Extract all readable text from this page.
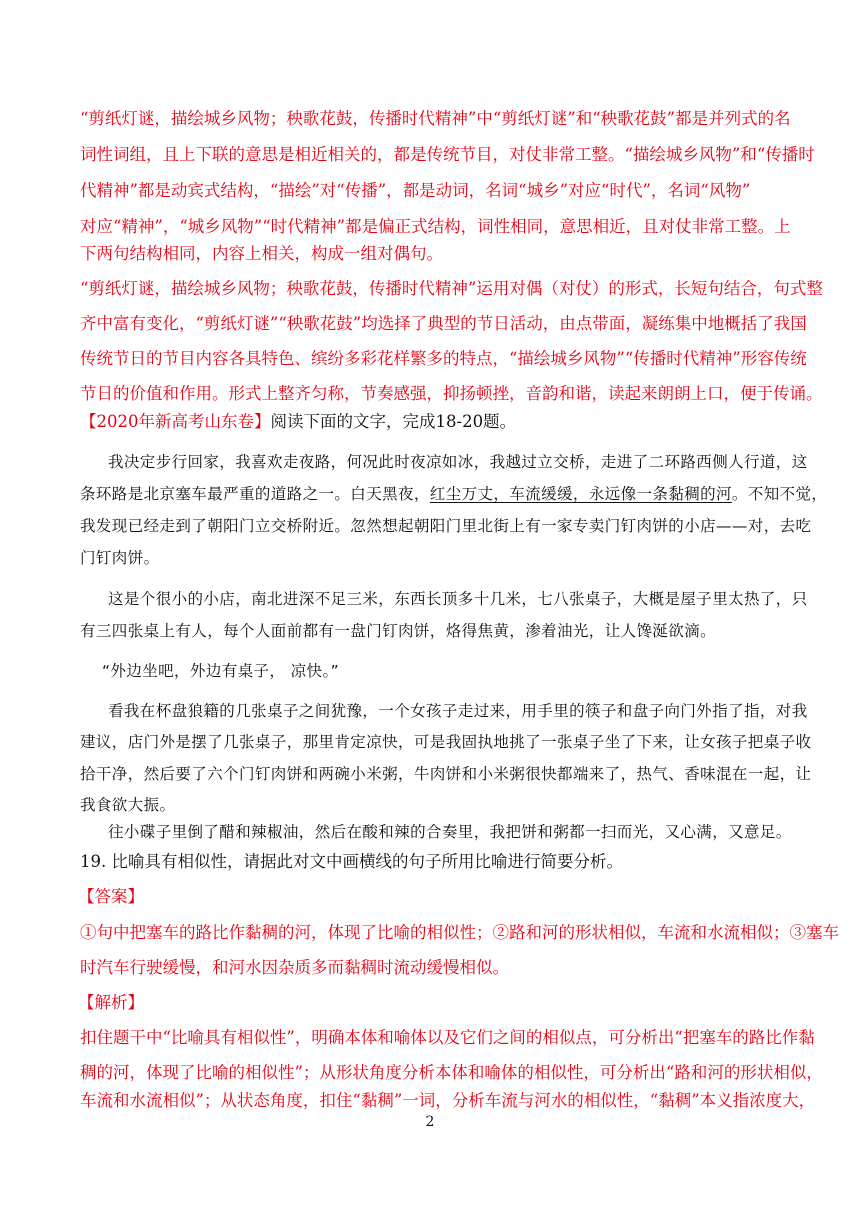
“剪纸灯谜，描绘城乡风物；秧歌花鼓，传播时代精神”中“剪纸灯谜”和“秧歌花鼓”都是并列式的名
词性词组，且上下联的意思是相近相关的，都是传统节目，对仗非常工整。“描绘城乡风物”和“传播时
代精神”都是动宾式结构，“描绘”对“传播”，都是动词，名词“城乡”对应“时代”，名词“风物”
对应“精神”，“城乡风物”“时代精神”都是偏正式结构，词性相同，意思相近，且对仗非常工整。上
下两句结构相同，内容上相关，构成一组对偶句。
“剪纸灯谜，描绘城乡风物；秧歌花鼓，传播时代精神”运用对偶（对仗）的形式，长短句结合，句式整
齐中富有变化，“剪纸灯谜”“秧歌花鼓”均选择了典型的节日活动，由点带面，凝练集中地概括了我国
传统节日的节目内容各具特色、缤纷多彩花样繁多的特点，“描绘城乡风物”“传播时代精神”形容传统
节日的价值和作用。形式上整齐匀称，节奏感强，抑扬顿挫，音韵和谐，读起来朗朗上口，便于传诵。
【2020年新高考山东卷】阅读下面的文字，完成18-20题。
我决定步行回家，我喜欢走夜路，何况此时夜凉如冰，我越过立交桥，走进了二环路西侧人行道，这
条环路是北京塞车最严重的道路之一。白天黑夜，红尘万丈，车流缓缓，永远像一条黏稠的河。不知不觉，
我发现已经走到了朝阳门立交桥附近。忽然想起朝阳门里北街上有一家专卖门钉肉饼的小店——对，去吃
门钉肉饼。
这是个很小的小店，南北进深不足三米，东西长顶多十几米，七八张桌子，大概是屋子里太热了，只
有三四张桌上有人，每个人面前都有一盘门钉肉饼，烙得焦黄，渗着油光，让人馋涎欲滴。
“外边坐吧，外边有桌子， 凉快。”
看我在杯盘狼籍的几张桌子之间犹豫，一个女孩子走过来，用手里的筷子和盘子向门外指了指，对我
建议，店门外是摆了几张桌子，那里肯定凉快，可是我固执地挑了一张桌子坐了下来，让女孩子把桌子收
拾干净，然后要了六个门钉肉饼和两碗小米粥，牛肉饼和小米粥很快都端来了，热气、香味混在一起，让
我食欲大振。
往小碟子里倒了醋和辣椒油，然后在酸和辣的合奏里，我把饼和粥都一扫而光，又心满，又意足。
19. 比喻具有相似性，请据此对文中画横线的句子所用比喻进行简要分析。
【答案】
①句中把塞车的路比作黏稠的河，体现了比喻的相似性；②路和河的形状相似，车流和水流相似；③塞车
时汽车行驶缓慢，和河水因杂质多而黏稠时流动缓慢相似。
【解析】
扣住题干中“比喻具有相似性”，明确本体和喻体以及它们之间的相似点，可分析出“把塞车的路比作黏
稠的河，体现了比喻的相似性”；从形状角度分析本体和喻体的相似性，可分析出“路和河的形状相似，
车流和水流相似”；从状态角度，扣住“黏稠”一词，分析车流与河水的相似性，“黏稠”本义指浓度大，
2
